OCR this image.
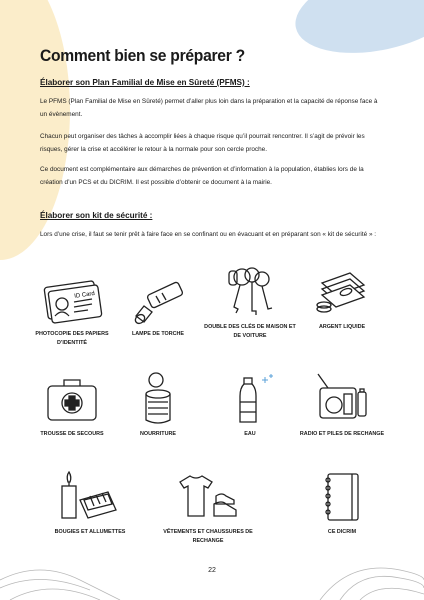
Comment bien se préparer ?
Élaborer son Plan Familial de Mise en Sûreté (PFMS) :

Le PFMS (Plan Familial de Mise en Sûreté) permet d’aller plus loin dans la préparation et la capacité de réponse face à un évènement.

Chacun peut organiser des tâches à accomplir liées à chaque risque qu’il pourrait rencontrer. Il s’agit de prévoir les risques, gérer la crise et accélérer le retour à la normale pour son cercle proche.

Ce document est complémentaire aux démarches de prévention et d’information à la population, établies lors de la création d’un PCS et du DICRIM. Il est possible d’obtenir ce document à la mairie.

Élaborer son kit de sécurité :

Lors d’une crise, il faut se tenir prêt à faire face en se confinant ou en évacuant et en préparant son « kit de sécurité » :

ID Card
PHOTOCOPIE DES PAPIERS D’IDENTITÉ
LAMPE DE TORCHE
DOUBLE DES CLÉS DE MAISON ET DE VOITURE
ARGENT LIQUIDE
TROUSSE DE SECOURS	NOURRITURE	EAU	RADIO ET PILES DE RECHANGE
BOUGIES ET ALLUMETTES	VÊTEMENTS ET CHAUSSURES DE RECHANGE
CE DICRIM
22
